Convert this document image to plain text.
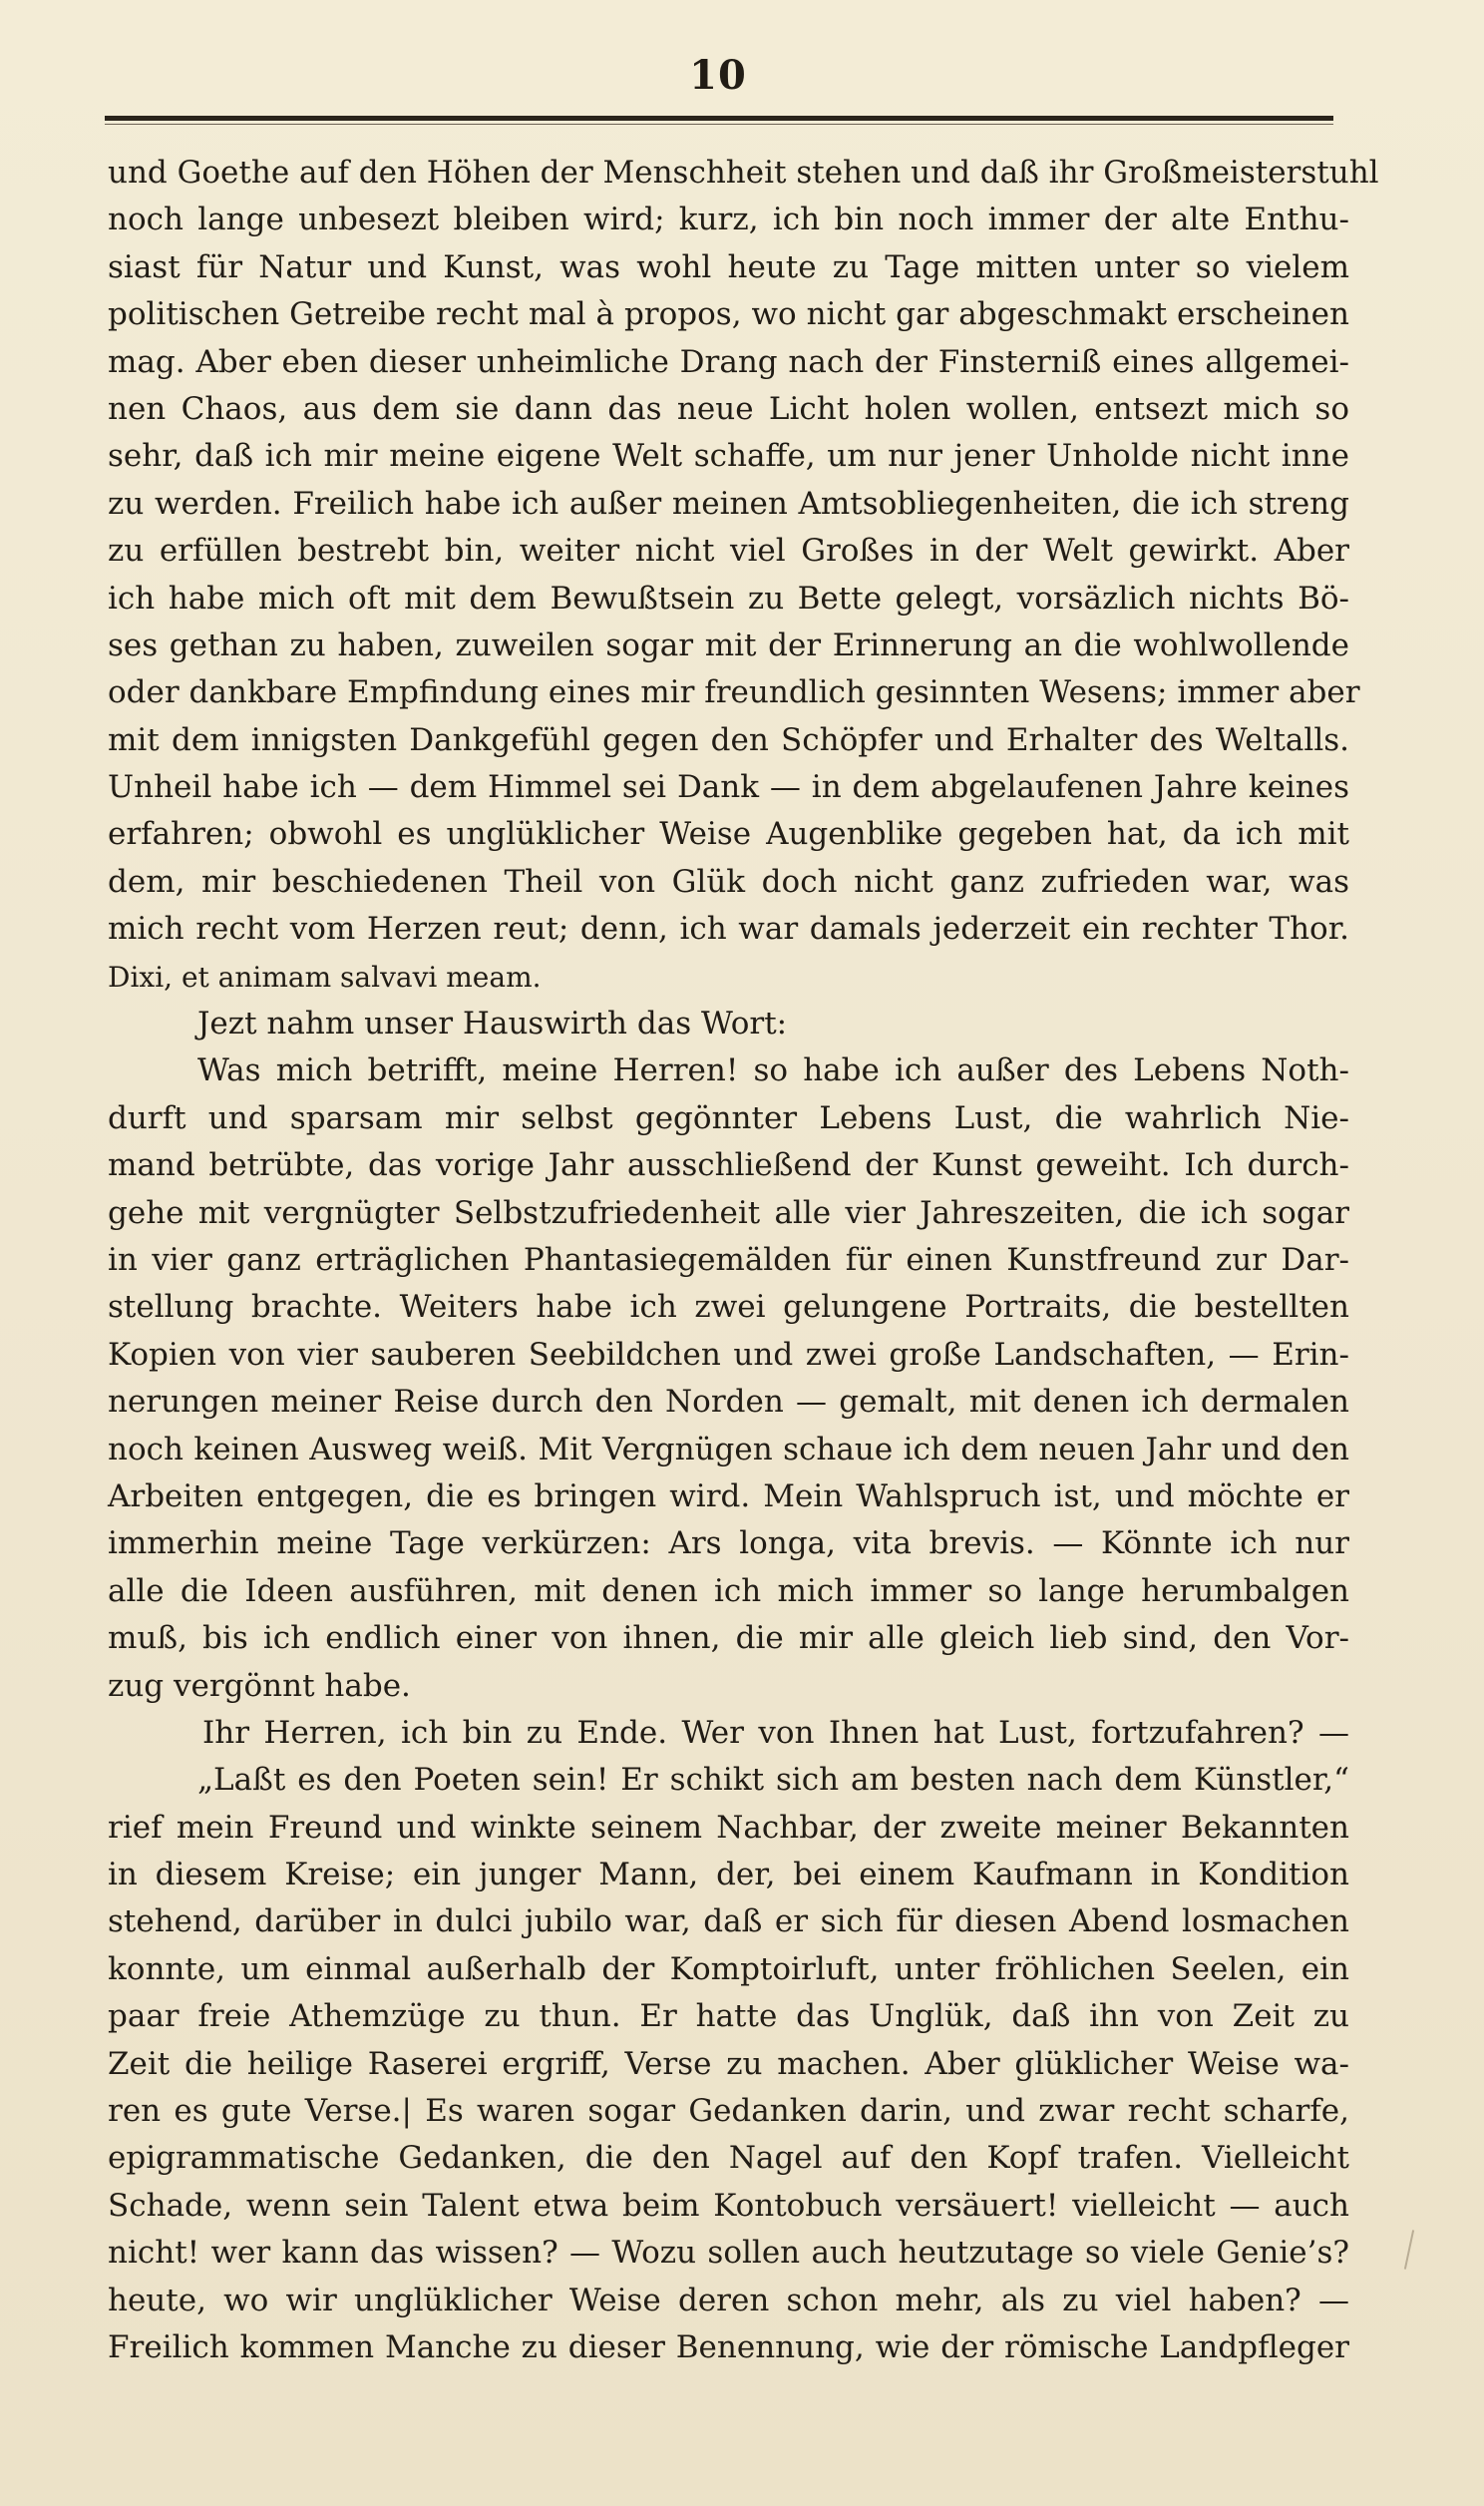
10
und Goethe auf den Höhen der Menschheit stehen und daß ihr Großmeisterstuhl
noch lange unbesezt bleiben wird; kurz, ich bin noch immer der alte Enthu-
siast für Natur und Kunst, was wohl heute zu Tage mitten unter so vielem
politischen Getreibe recht mal à propos, wo nicht gar abgeschmakt erscheinen
mag. Aber eben dieser unheimliche Drang nach der Finsterniß eines allgemei-
nen Chaos, aus dem sie dann das neue Licht holen wollen, entsezt mich so
sehr, daß ich mir meine eigene Welt schaffe, um nur jener Unholde nicht inne
zu werden. Freilich habe ich außer meinen Amtsobliegenheiten, die ich streng
zu erfüllen bestrebt bin, weiter nicht viel Großes in der Welt gewirkt. Aber
ich habe mich oft mit dem Bewußtsein zu Bette gelegt, vorsäzlich nichts Bö-
ses gethan zu haben, zuweilen sogar mit der Erinnerung an die wohlwollende
oder dankbare Empfindung eines mir freundlich gesinnten Wesens; immer aber
mit dem innigsten Dankgefühl gegen den Schöpfer und Erhalter des Weltalls.
Unheil habe ich — dem Himmel sei Dank — in dem abgelaufenen Jahre keines
erfahren; obwohl es unglüklicher Weise Augenblike gegeben hat, da ich mit
dem, mir beschiedenen Theil von Glük doch nicht ganz zufrieden war, was
mich recht vom Herzen reut; denn, ich war damals jederzeit ein rechter Thor.
Dixi, et animam salvavi meam.
Jezt nahm unser Hauswirth das Wort:
Was mich betrifft, meine Herren! so habe ich außer des Lebens Noth-
durft und sparsam mir selbst gegönnter Lebens Lust, die wahrlich Nie-
mand betrübte, das vorige Jahr ausschließend der Kunst geweiht. Ich durch-
gehe mit vergnügter Selbstzufriedenheit alle vier Jahreszeiten, die ich sogar
in vier ganz erträglichen Phantasiegemälden für einen Kunstfreund zur Dar-
stellung brachte. Weiters habe ich zwei gelungene Portraits, die bestellten
Kopien von vier sauberen Seebildchen und zwei große Landschaften, — Erin-
nerungen meiner Reise durch den Norden — gemalt, mit denen ich dermalen
noch keinen Ausweg weiß. Mit Vergnügen schaue ich dem neuen Jahr und den
Arbeiten entgegen, die es bringen wird. Mein Wahlspruch ist, und möchte er
immerhin meine Tage verkürzen: Ars longa, vita brevis. — Könnte ich nur
alle die Ideen ausführen, mit denen ich mich immer so lange herumbalgen
muß, bis ich endlich einer von ihnen, die mir alle gleich lieb sind, den Vor-
zug vergönnt habe.
Ihr Herren, ich bin zu Ende. Wer von Ihnen hat Lust, fortzufahren? —
„Laßt es den Poeten sein! Er schikt sich am besten nach dem Künstler,“
rief mein Freund und winkte seinem Nachbar, der zweite meiner Bekannten
in diesem Kreise; ein junger Mann, der, bei einem Kaufmann in Kondition
stehend, darüber in dulci jubilo war, daß er sich für diesen Abend losmachen
konnte, um einmal außerhalb der Komptoirluft, unter fröhlichen Seelen, ein
paar freie Athemzüge zu thun. Er hatte das Unglük, daß ihn von Zeit zu
Zeit die heilige Raserei ergriff, Verse zu machen. Aber glüklicher Weise wa-
ren es gute Verse.| Es waren sogar Gedanken darin, und zwar recht scharfe,
epigrammatische Gedanken, die den Nagel auf den Kopf trafen. Vielleicht
Schade, wenn sein Talent etwa beim Kontobuch versäuert! vielleicht — auch
nicht! wer kann das wissen? — Wozu sollen auch heutzutage so viele Genie’s?
heute, wo wir unglüklicher Weise deren schon mehr, als zu viel haben? —
Freilich kommen Manche zu dieser Benennung, wie der römische Landpfleger
